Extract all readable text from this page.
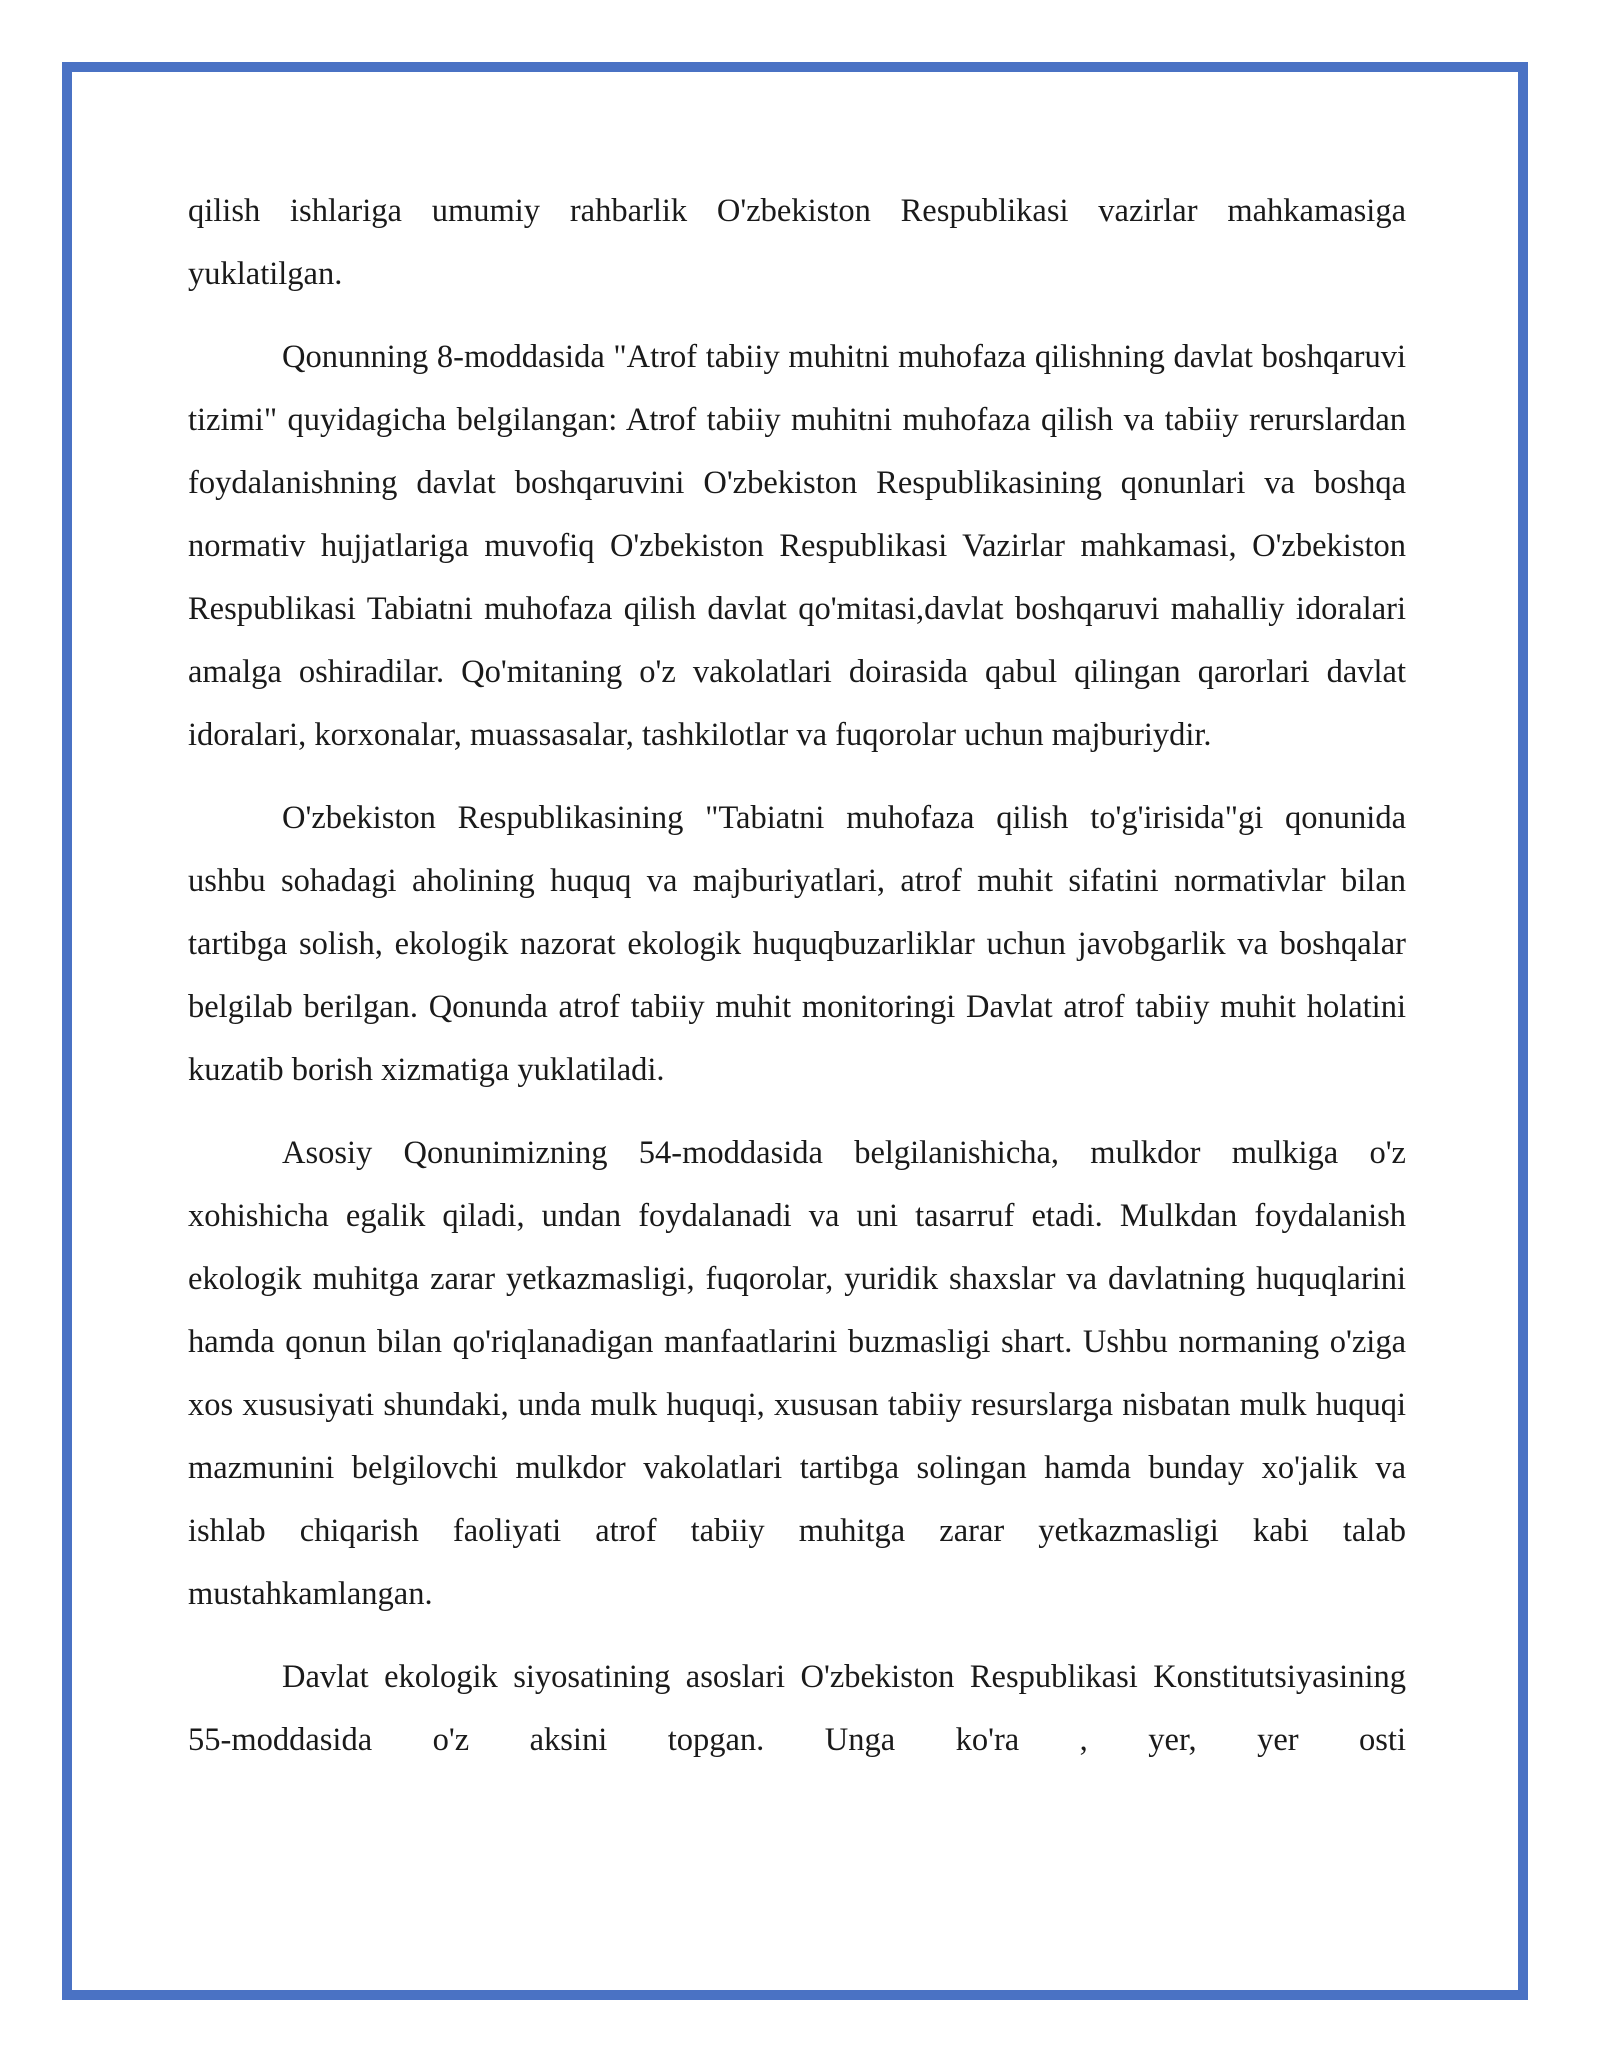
qilish ishlariga umumiy rahbarlik O'zbekiston Respublikasi vazirlar mahkamasiga yuklatilgan.

Qonunning 8-moddasida "Atrof tabiiy muhitni muhofaza qilishning davlat boshqaruvi tizimi" quyidagicha belgilangan: Atrof tabiiy muhitni muhofaza qilish va tabiiy rerurslardan foydalanishning davlat boshqaruvini O'zbekiston Respublikasining qonunlari va boshqa normativ hujjatlariga muvofiq O'zbekiston Respublikasi Vazirlar mahkamasi, O'zbekiston Respublikasi Tabiatni muhofaza qilish davlat qo'mitasi,davlat boshqaruvi mahalliy idoralari amalga oshiradilar. Qo'mitaning o'z vakolatlari doirasida qabul qilingan qarorlari davlat idoralari, korxonalar, muassasalar, tashkilotlar va fuqorolar uchun majburiydir.

O'zbekiston Respublikasining "Tabiatni muhofaza qilish to'g'irisida"gi qonunida ushbu sohadagi aholining huquq va majburiyatlari, atrof muhit sifatini normativlar bilan tartibga solish, ekologik nazorat ekologik huquqbuzarliklar uchun javobgarlik va boshqalar belgilab berilgan. Qonunda atrof tabiiy muhit monitoringi Davlat atrof tabiiy muhit holatini kuzatib borish xizmatiga yuklatiladi.

Asosiy Qonunimizning 54-moddasida belgilanishicha, mulkdor mulkiga o'z xohishicha egalik qiladi, undan foydalanadi va uni tasarruf etadi. Mulkdan foydalanish ekologik muhitga zarar yetkazmasligi, fuqorolar, yuridik shaxslar va davlatning huquqlarini hamda qonun bilan qo'riqlanadigan manfaatlarini buzmasligi shart. Ushbu normaning o'ziga xos xususiyati shundaki, unda mulk huquqi, xususan tabiiy resurslarga nisbatan mulk huquqi mazmunini belgilovchi mulkdor vakolatlari tartibga solingan hamda bunday xo'jalik va ishlab chiqarish faoliyati atrof tabiiy muhitga zarar yetkazmasligi kabi talab mustahkamlangan.

Davlat ekologik siyosatining asoslari O'zbekiston Respublikasi Konstitutsiyasining 55-moddasida o'z aksini topgan. Unga ko'ra , yer, yer osti
